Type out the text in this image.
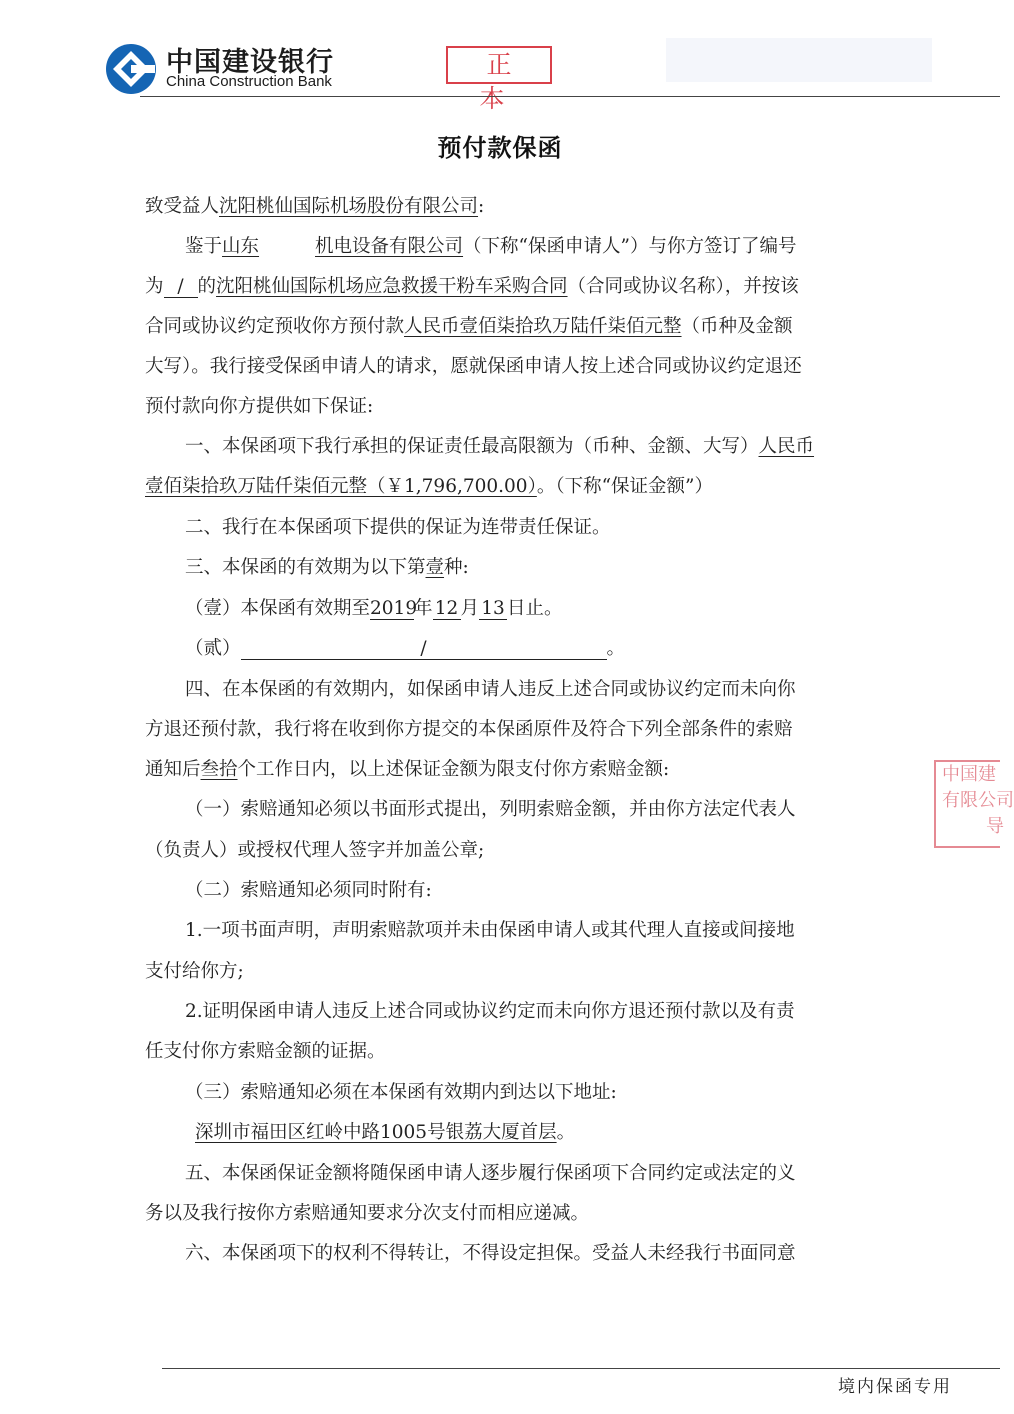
中国建设银行
China Construction Bank
正 本
预付款保函
致受益人沈阳桃仙国际机场股份有限公司:
鉴于山东	机电设备有限公司（下称“保函申请人”）与你方签订了编号
为 / 的沈阳桃仙国际机场应急救援干粉车采购合同（合同或协议名称），并按该
合同或协议约定预收你方预付款人民币壹佰柒拾玖万陆仟柒佰元整（币种及金额
大写）。我行接受保函申请人的请求，愿就保函申请人按上述合同或协议约定退还
预付款向你方提供如下保证:
一、本保函项下我行承担的保证责任最高限额为（币种、金额、大写）人民币
壹佰柒拾玖万陆仟柒佰元整（￥1,796,700.00）。（下称“保证金额”）
二、我行在本保函项下提供的保证为连带责任保证。
三、本保函的有效期为以下第壹种:
（壹）本保函有效期至2019年 12 月 13 日止。
（贰）	/	。
四、在本保函的有效期内，如保函申请人违反上述合同或协议约定而未向你
方退还预付款，我行将在收到你方提交的本保函原件及符合下列全部条件的索赔
通知后叁拾个工作日内，以上述保证金额为限支付你方索赔金额:
（一）索赔通知必须以书面形式提出，列明索赔金额，并由你方法定代表人
（负责人）或授权代理人签字并加盖公章;
（二）索赔通知必须同时附有:
1.一项书面声明，声明索赔款项并未由保函申请人或其代理人直接或间接地
支付给你方;
2.证明保函申请人违反上述合同或协议约定而未向你方退还预付款以及有责
任支付你方索赔金额的证据。
（三）索赔通知必须在本保函有效期内到达以下地址:
深圳市福田区红岭中路1005号银荔大厦首层。
五、本保函保证金额将随保函申请人逐步履行保函项下合同约定或法定的义
务以及我行按你方索赔通知要求分次支付而相应递减。
六、本保函项下的权利不得转让，不得设定担保。受益人未经我行书面同意
中国建
有限公司
导
境内保函专用
